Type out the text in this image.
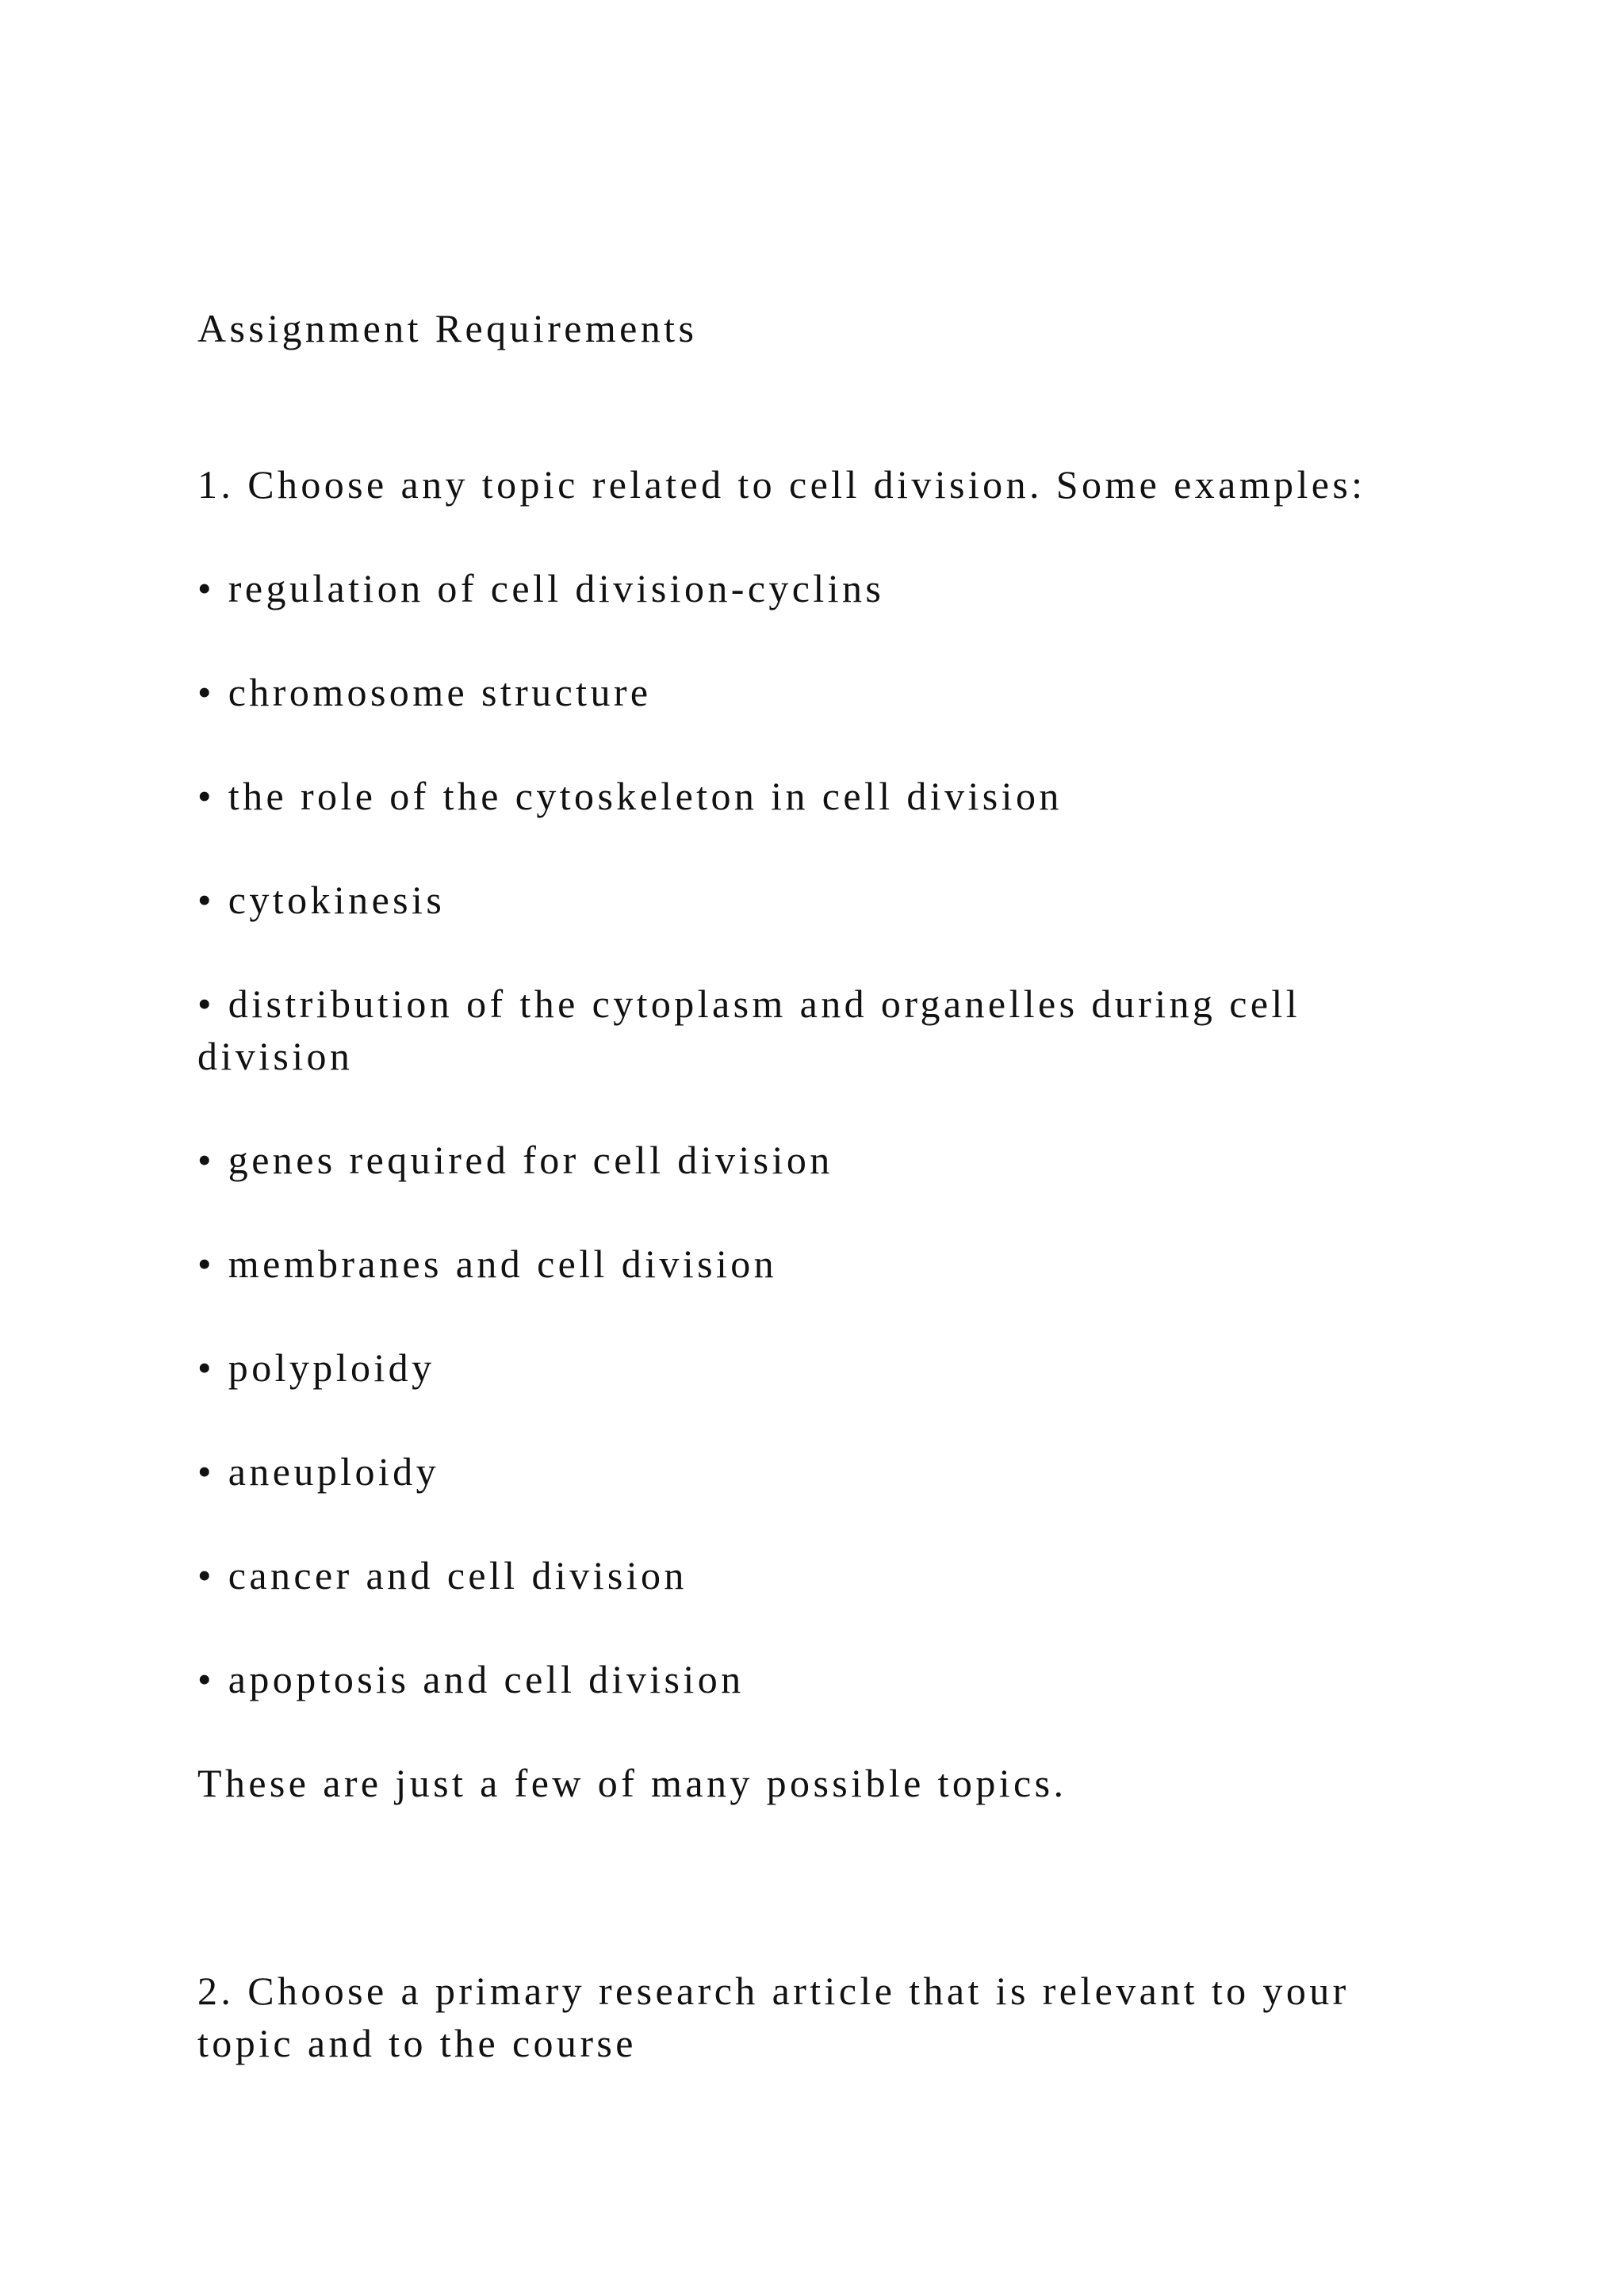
Assignment Requirements

1. Choose any topic related to cell division. Some examples:

• regulation of cell division-cyclins

• chromosome structure

• the role of the cytoskeleton in cell division

• cytokinesis

• distribution of the cytoplasm and organelles during cell

division

• genes required for cell division

• membranes and cell division

• polyploidy

• aneuploidy

• cancer and cell division

• apoptosis and cell division

These are just a few of many possible topics.

2. Choose a primary research article that is relevant to your

topic and to the course
